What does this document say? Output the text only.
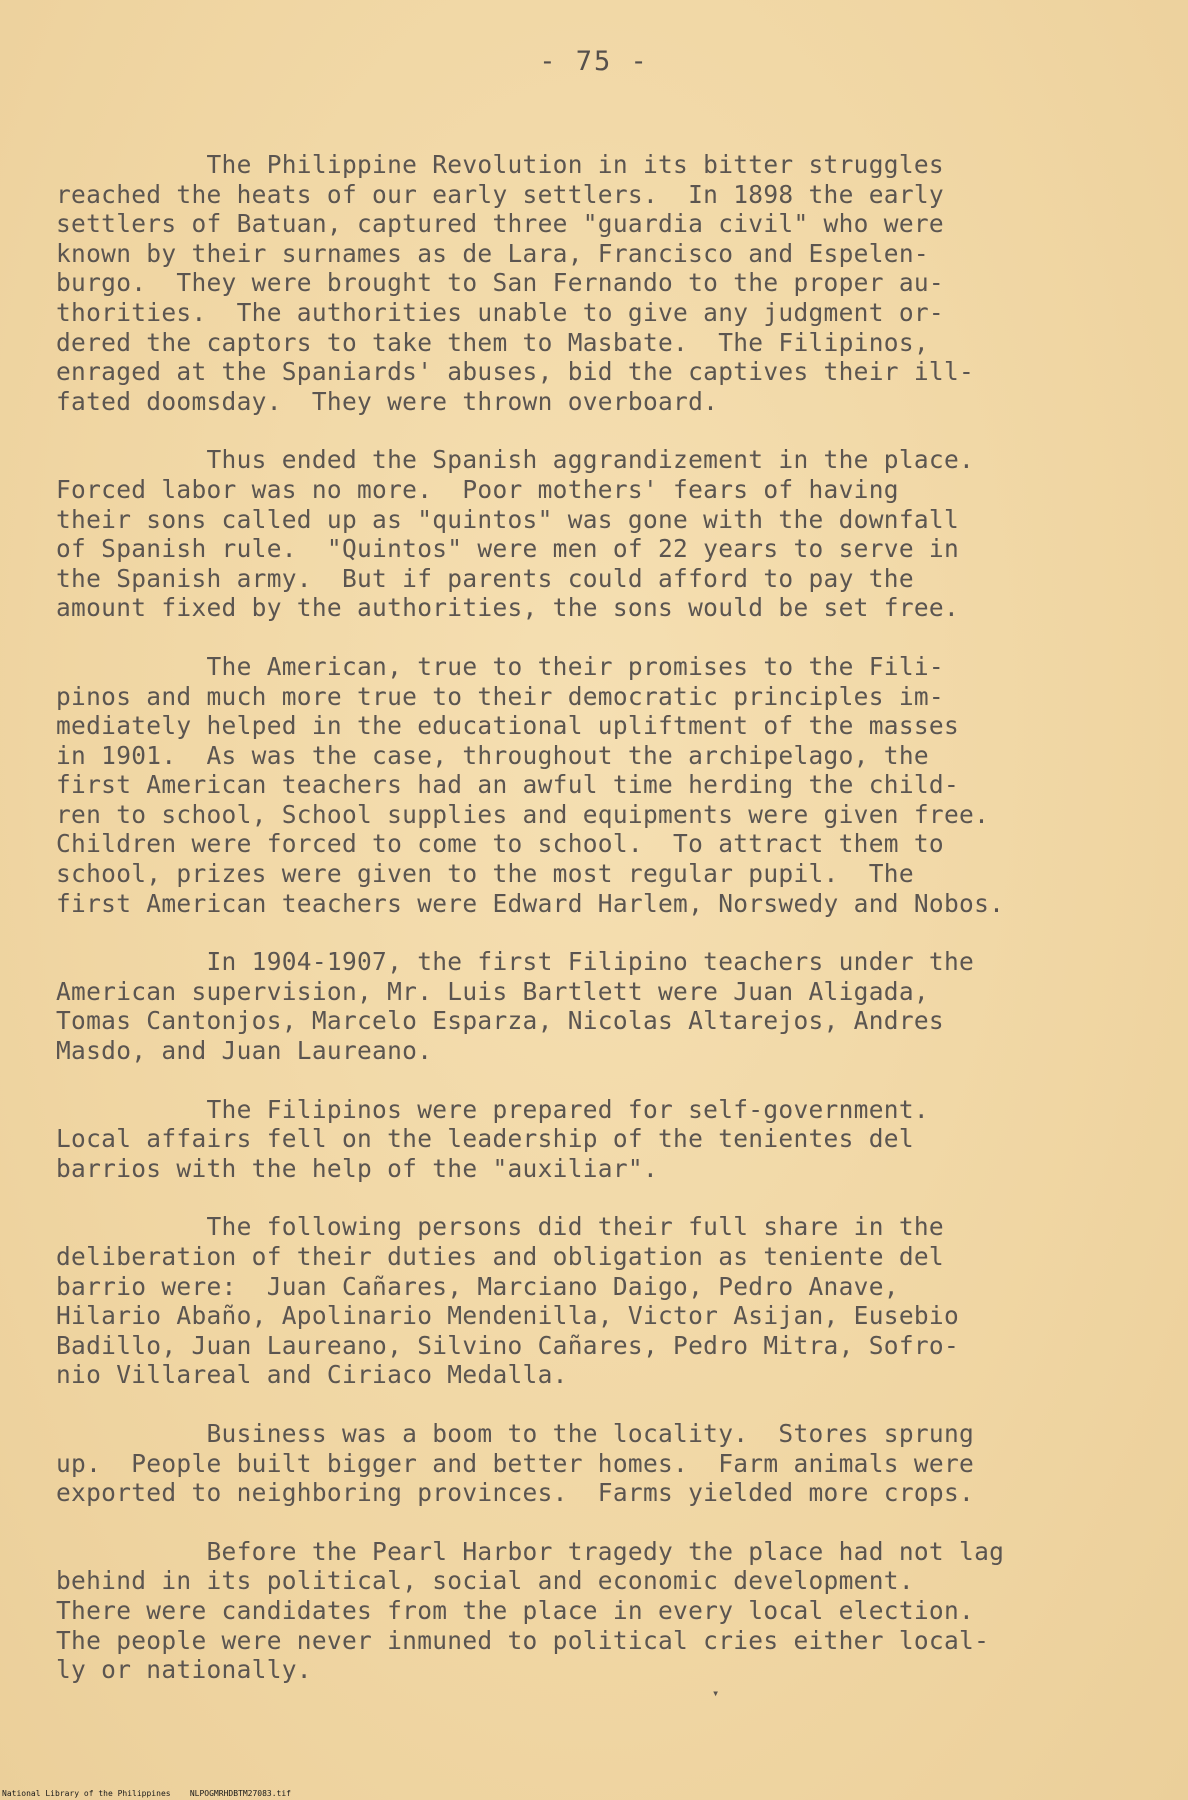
- 75 -
The Philippine Revolution in its bitter struggles
reached the heats of our early settlers.  In 1898 the early
settlers of Batuan, captured three "guardia civil" who were
known by their surnames as de Lara, Francisco and Espelen-
burgo.  They were brought to San Fernando to the proper au-
thorities.  The authorities unable to give any judgment or-
dered the captors to take them to Masbate.  The Filipinos,
enraged at the Spaniards' abuses, bid the captives their ill-
fated doomsday.  They were thrown overboard.
Thus ended the Spanish aggrandizement in the place.
Forced labor was no more.  Poor mothers' fears of having
their sons called up as "quintos" was gone with the downfall
of Spanish rule.  "Quintos" were men of 22 years to serve in
the Spanish army.  But if parents could afford to pay the
amount fixed by the authorities, the sons would be set free.
The American, true to their promises to the Fili-
pinos and much more true to their democratic principles im-
mediately helped in the educational upliftment of the masses
in 1901.  As was the case, throughout the archipelago, the
first American teachers had an awful time herding the child-
ren to school, School supplies and equipments were given free.
Children were forced to come to school.  To attract them to
school, prizes were given to the most regular pupil.  The
first American teachers were Edward Harlem, Norswedy and Nobos.
In 1904-1907, the first Filipino teachers under the
American supervision, Mr. Luis Bartlett were Juan Aligada,
Tomas Cantonjos, Marcelo Esparza, Nicolas Altarejos, Andres
Masdo, and Juan Laureano.
The Filipinos were prepared for self-government.
Local affairs fell on the leadership of the tenientes del
barrios with the help of the "auxiliar".
The following persons did their full share in the
deliberation of their duties and obligation as teniente del
barrio were:  Juan Cañares, Marciano Daigo, Pedro Anave,
Hilario Abaño, Apolinario Mendenilla, Victor Asijan, Eusebio
Badillo, Juan Laureano, Silvino Cañares, Pedro Mitra, Sofro-
nio Villareal and Ciriaco Medalla.
Business was a boom to the locality.  Stores sprung
up.  People built bigger and better homes.  Farm animals were
exported to neighboring provinces.  Farms yielded more crops.
Before the Pearl Harbor tragedy the place had not lag
behind in its political, social and economic development.
There were candidates from the place in every local election.
The people were never inmuned to political cries either local-
ly or nationally.
▾
National Library of the Philippines    NLPOGMRHDBTM27083.tif
